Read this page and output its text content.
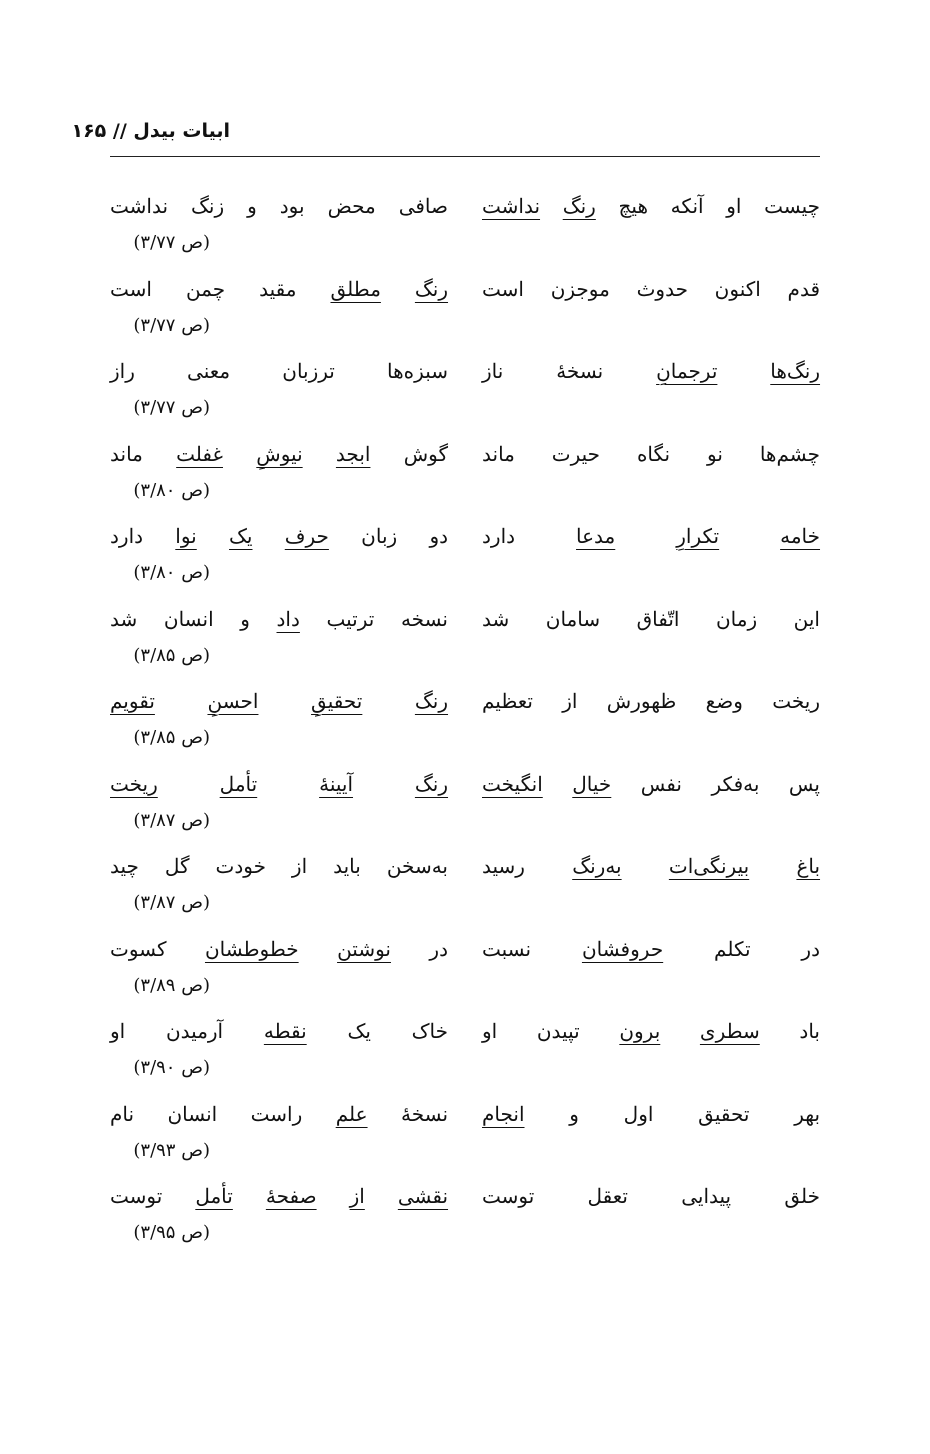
ابیات بیدل // ۱۶۵
چیست او آنکه هیچ رنگ نداشت
صافی محض بود و زنگ نداشت
(ص ۳/۷۷)
قدم اکنون حدوث موجزن است
رنگ مطلق مقید چمن است
(ص ۳/۷۷)
رنگ‌ها ترجمانِ نسخهٔ ناز
سبزه‌ها ترزبان معنی راز
(ص ۳/۷۷)
چشم‌ها نو نگاه حیرت ماند
گوش ابجد نیوشِ غفلت ماند
(ص ۳/۸۰)
خامه تکرارِ مدعا دارد
دو زبان حرف یک نوا دارد
(ص ۳/۸۰)
این زمان اتّفاق سامان شد
نسخه ترتیب داد و انسان شد
(ص ۳/۸۵)
ریخت وضع ظهورش از تعظیم
رنگ تحقیقِ احسنِ تقویم
(ص ۳/۸۵)
پس به‌فکر نفس خیال انگیخت
رنگ آیینهٔ تأمل ریخت
(ص ۳/۸۷)
باغ بیرنگی‌ات به‌رنگ رسید
به‌سخن باید از خودت گل چید
(ص ۳/۸۷)
در تکلم حروفشان نسبت
در نوشتن خطوطشان کسوت
(ص ۳/۸۹)
باد سطری برون تپیدن او
خاک یک نقطه آرمیدن او
(ص ۳/۹۰)
بهر تحقیق اول و انجام
نسخهٔ علم راست انسان نام
(ص ۳/۹۳)
خلق پیدایی تعقل توست
نقشی از صفحهٔ تأمل توست
(ص ۳/۹۵)
